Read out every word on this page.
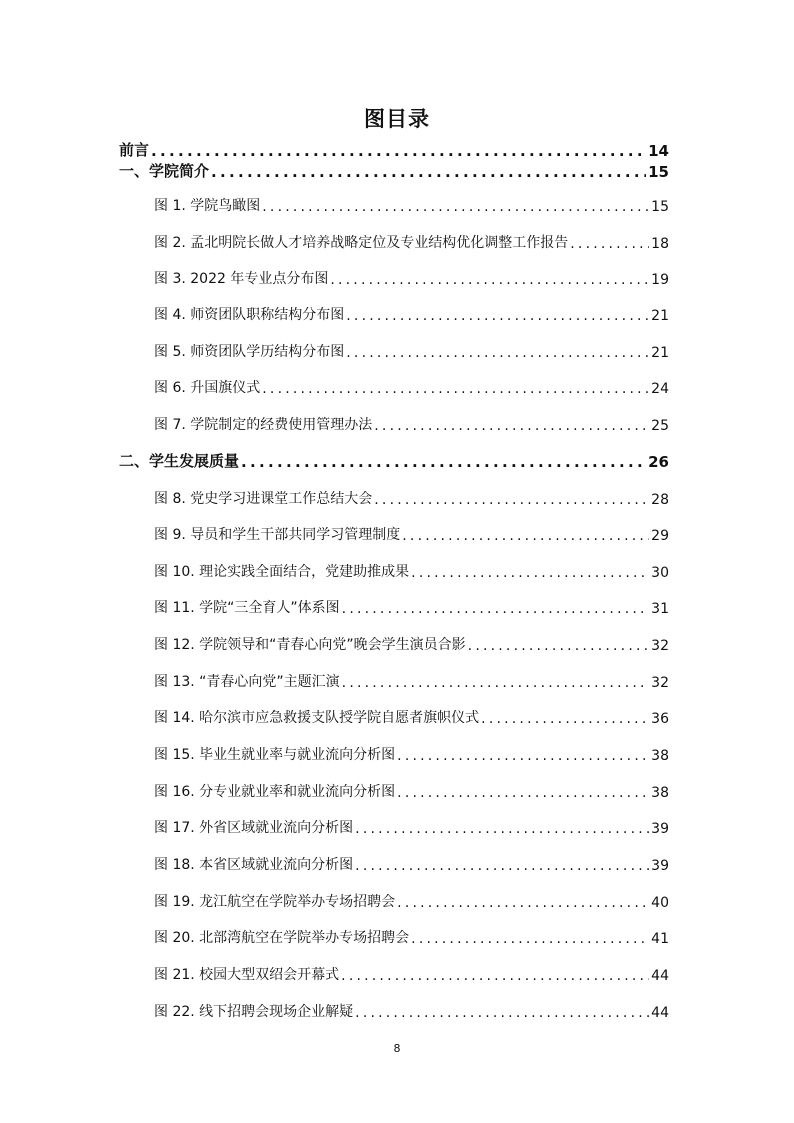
图目录
前言 .....	14
一、学院简介 .....	15
图 1. 学院鸟瞰图 .....	15
图 2. 孟北明院长做人才培养战略定位及专业结构优化调整工作报告 .....	18
图 3. 2022 年专业点分布图 .....	19
图 4. 师资团队职称结构分布图 .....	21
图 5. 师资团队学历结构分布图 .....	21
图 6. 升国旗仪式 .....	24
图 7. 学院制定的经费使用管理办法 .....	25
二、学生发展质量 .....	26
图 8. 党史学习进课堂工作总结大会 .....	28
图 9. 导员和学生干部共同学习管理制度 .....	29
图 10. 理论实践全面结合，党建助推成果 .....	30
图 11. 学院“三全育人”体系图 .....	31
图 12. 学院领导和“青春心向党”晚会学生演员合影 .....	32
图 13. “青春心向党”主题汇演 .....	32
图 14. 哈尔滨市应急救援支队授学院自愿者旗帜仪式 .....	36
图 15. 毕业生就业率与就业流向分析图 .....	38
图 16. 分专业就业率和就业流向分析图 .....	38
图 17. 外省区域就业流向分析图 .....	39
图 18. 本省区域就业流向分析图 .....	39
图 19. 龙江航空在学院举办专场招聘会 .....	40
图 20. 北部湾航空在学院举办专场招聘会 .....	41
图 21. 校园大型双绍会开幕式 .....	44
图 22. 线下招聘会现场企业解疑 .....	44
8
